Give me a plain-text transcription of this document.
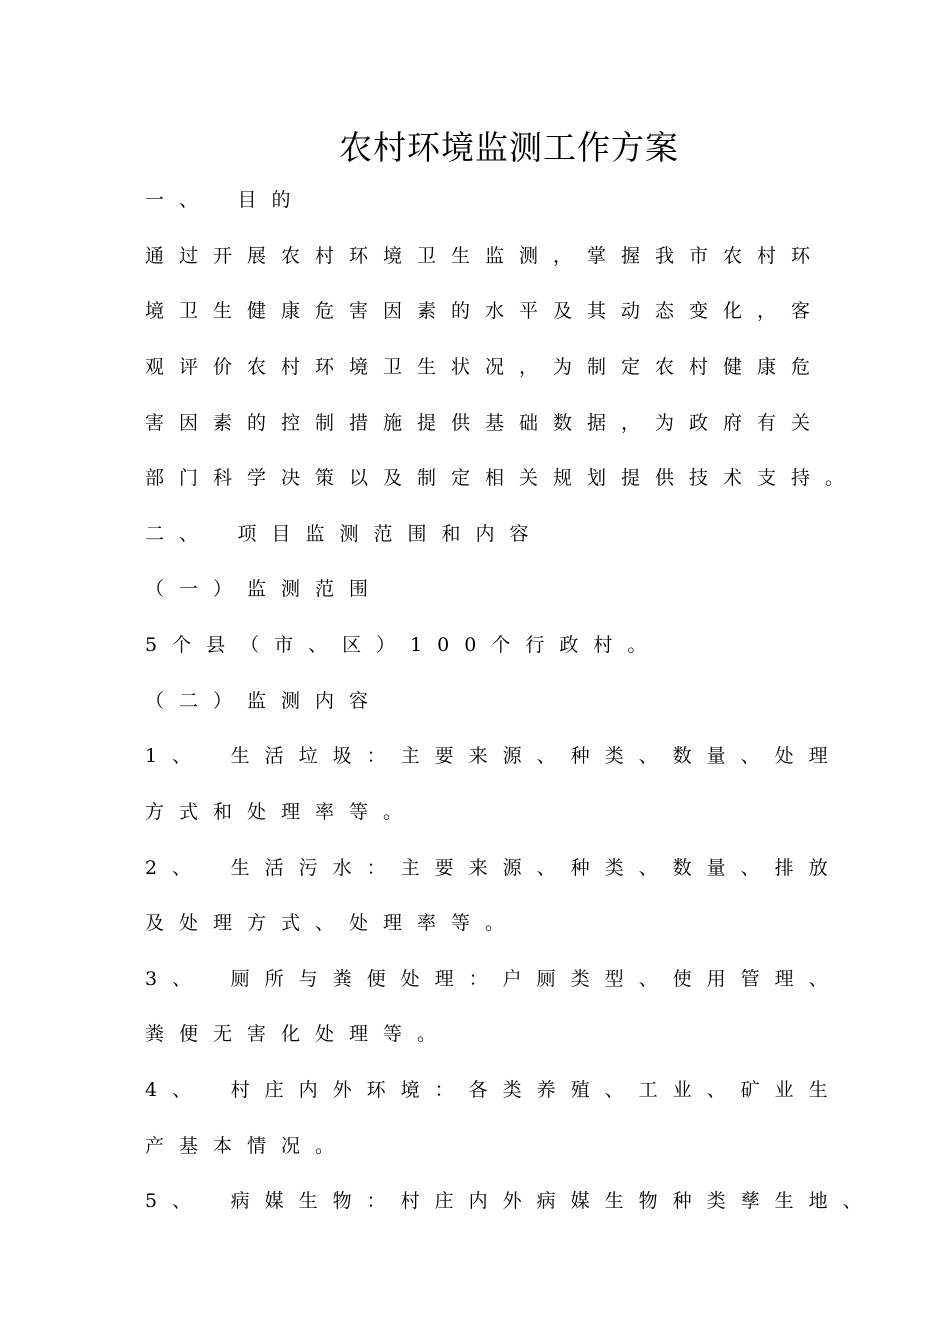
农村环境监测工作方案
一、　目的
通过开展农村环境卫生监测，掌握我市农村环
境卫生健康危害因素的水平及其动态变化，客
观评价农村环境卫生状况，为制定农村健康危
害因素的控制措施提供基础数据，为政府有关
部门科学决策以及制定相关规划提供技术支持。
二、　项目监测范围和内容
（一）监测范围
5个县（市、区）100个行政村。
（二）监测内容
1、　生活垃圾：主要来源、种类、数量、处理
方式和处理率等。
2、　生活污水：主要来源、种类、数量、排放
及处理方式、处理率等。
3、　厕所与粪便处理：户厕类型、使用管理、
粪便无害化处理等。
4、　村庄内外环境：各类养殖、工业、矿业生
产基本情况。
5、　病媒生物：村庄内外病媒生物种类孳生地、
